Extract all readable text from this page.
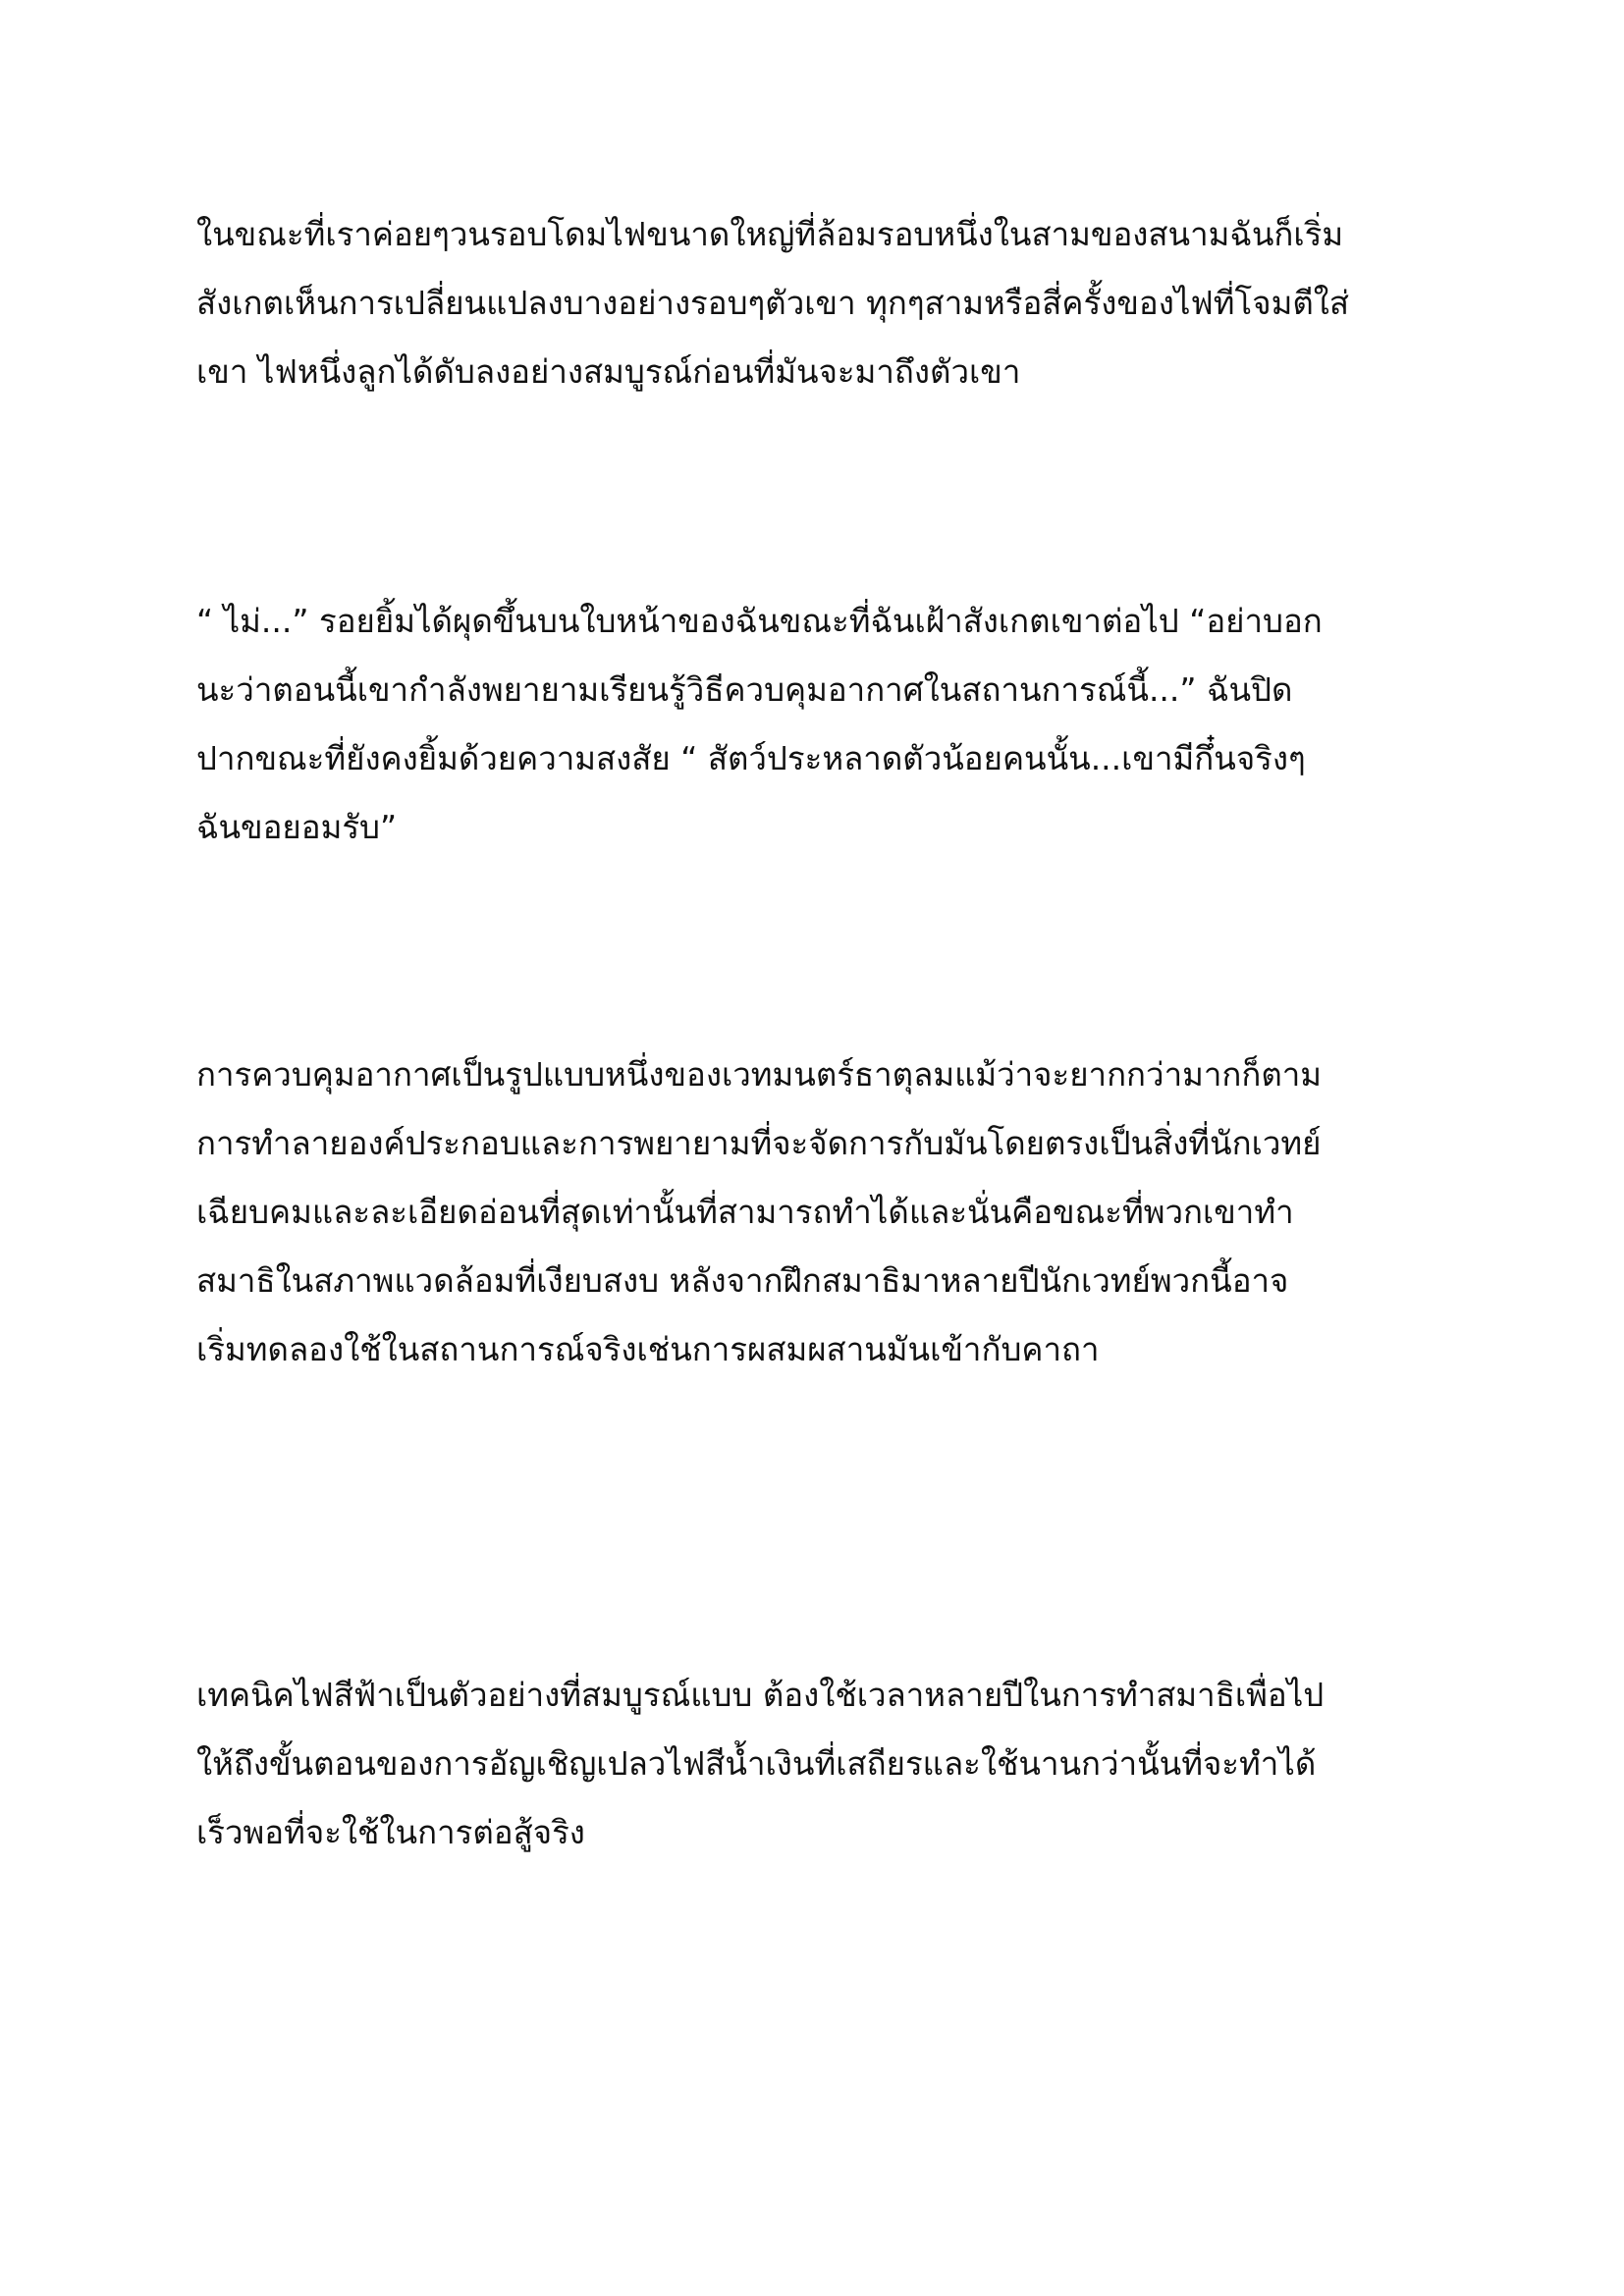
ในขณะที่เราค่อยๆวนรอบโดมไฟขนาดใหญ่ที่ล้อมรอบหนึ่งในสามของสนามฉันก็เริ่ม
สังเกตเห็นการเปลี่ยนแปลงบางอย่างรอบๆตัวเขา ทุกๆสามหรือสี่ครั้งของไฟที่โจมตีใส่
เขา ไฟหนึ่งลูกได้ดับลงอย่างสมบูรณ์ก่อนที่มันจะมาถึงตัวเขา

“ ไม่...” รอยยิ้มได้ผุดขึ้นบนใบหน้าของฉันขณะที่ฉันเฝ้าสังเกตเขาต่อไป “อย่าบอก
นะว่าตอนนี้เขากำลังพยายามเรียนรู้วิธีควบคุมอากาศในสถานการณ์นี้...” ฉันปิด
ปากขณะที่ยังคงยิ้มด้วยความสงสัย “ สัตว์ประหลาดตัวน้อยคนนั้น...เขามีกึ๋นจริงๆ
ฉันขอยอมรับ”

การควบคุมอากาศเป็นรูปแบบหนึ่งของเวทมนตร์ธาตุลมแม้ว่าจะยากกว่ามากก็ตาม
การทำลายองค์ประกอบและการพยายามที่จะจัดการกับมันโดยตรงเป็นสิ่งที่นักเวทย์
เฉียบคมและละเอียดอ่อนที่สุดเท่านั้นที่สามารถทำได้และนั่นคือขณะที่พวกเขาทำ
สมาธิในสภาพแวดล้อมที่เงียบสงบ หลังจากฝึกสมาธิมาหลายปีนักเวทย์พวกนี้อาจ
เริ่มทดลองใช้ในสถานการณ์จริงเช่นการผสมผสานมันเข้ากับคาถา

เทคนิคไฟสีฟ้าเป็นตัวอย่างที่สมบูรณ์แบบ ต้องใช้เวลาหลายปีในการทำสมาธิเพื่อไป
ให้ถึงขั้นตอนของการอัญเชิญเปลวไฟสีน้ำเงินที่เสถียรและใช้นานกว่านั้นที่จะทำได้
เร็วพอที่จะใช้ในการต่อสู้จริง
